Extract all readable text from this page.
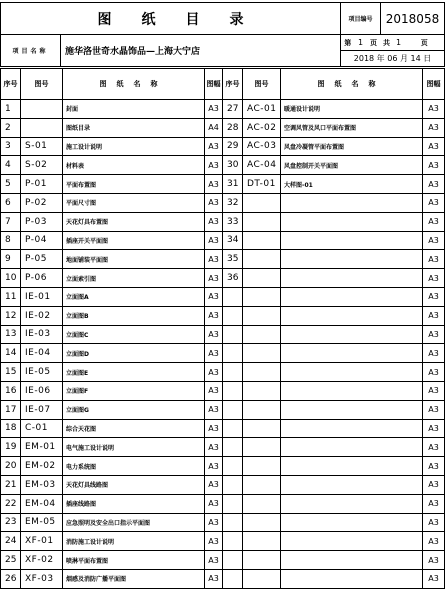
图纸目录	项目编号	2018058
项目名称	施华洛世奇水晶饰品—上海大宁店	第	1	页	共	1	页
2018 年 06 月 14 日
序号	图号	图纸名称	图幅	序号	图号	图纸名称	图幅
1		封面	A3	27	AC-01	暖通设计说明	A3
2		图纸目录	A4	28	AC-02	空调风管及风口平面布置图	A3
3	S-01	施工设计说明	A3	29	AC-03	风盘冷凝管平面布置图	A3
4	S-02	材料表	A3	30	AC-04	风盘控制开关平面图	A3
5	P-01	平面布置图	A3	31	DT-01	大样图-01	A3
6	P-02	平面尺寸图	A3	32			A3
7	P-03	天花灯具布置图	A3	33			A3
8	P-04	插座开关平面图	A3	34			A3
9	P-05	地面铺装平面图	A3	35			A3
10	P-06	立面索引图	A3	36			A3
11	IE-01	立面图A	A3				A3
12	IE-02	立面图B	A3				A3
13	IE-03	立面图C	A3				A3
14	IE-04	立面图D	A3				A3
15	IE-05	立面图E	A3				A3
16	IE-06	立面图F	A3				A3
17	IE-07	立面图G	A3				A3
18	C-01	综合天花图	A3				A3
19	EM-01	电气施工设计说明	A3				A3
20	EM-02	电力系统图	A3				A3
21	EM-03	天花灯具线路图	A3				A3
22	EM-04	插座线路图	A3				A3
23	EM-05	应急照明及安全出口指示平面图	A3				A3
24	XF-01	消防施工设计说明	A3				A3
25	XF-02	喷淋平面布置图	A3				A3
26	XF-03	烟感及消防广播平面图	A3				A3
